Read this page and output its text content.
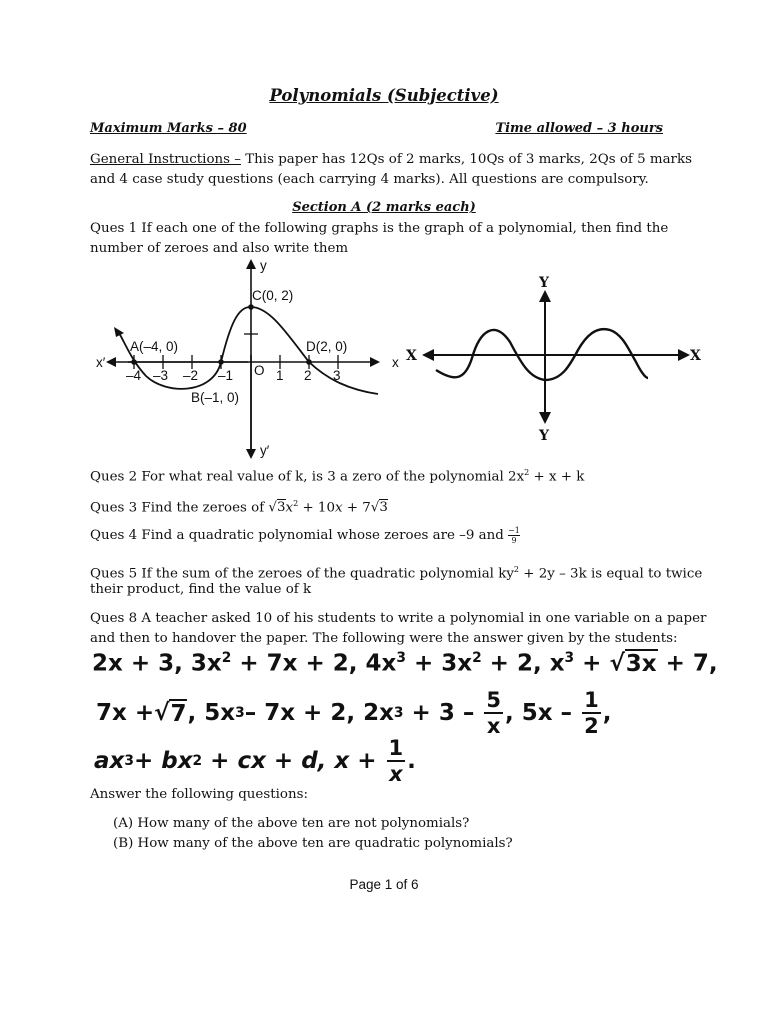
Polynomials (Subjective)
Maximum Marks – 80	Time allowed – 3 hours
General Instructions – This paper has 12Qs of 2 marks, 10Qs of 3 marks, 2Qs of 5 marks
and 4 case study questions (each carrying 4 marks). All questions are compulsory.
Section A (2 marks each)
Ques 1 If each one of the following graphs is the graph of a polynomial, then find the
number of zeroes and also write them
y
y′
x
x′
C(0, 2)
A(–4, 0)	D(2, 0)
B(–1, 0)
O
–4 –3 –2 –1	1 2 3
Y
Y
X	X
Ques 2 For what real value of k, is 3 a zero of the polynomial $2x^2 + x + k$
Ques 3 Find the zeroes of $√3x^2 + 10x + 7√3$
Ques 4 Find a quadratic polynomial whose zeroes are –9 and $\frac{-1}{9}$
Ques 5 If the sum of the zeroes of the quadratic polynomial $ky^2 + 2y - 3k$ is equal to twice
their product, find the value of k
Ques 8 A teacher asked 10 of his students to write a polynomial in one variable on a paper
and then to handover the paper. The following were the answer given by the students:
2x + 3, $3x^2 + 7x + 2$, $4x^3 + 3x^2 + 2$, $x^3 + √3x + 7$,
7x + √ 7 , 5x 3 – 7x + 2, 2x $3 + 3 - \frac{5}{x}$ , $5x - \frac{1}{2}$ ,
ax 3 + bx 2 + cx + d, $x + \frac{1}{x}$ .
Answer the following questions:
(A) How many of the above ten are not polynomials?
(B) How many of the above ten are quadratic polynomials?
Page 1 of 6
